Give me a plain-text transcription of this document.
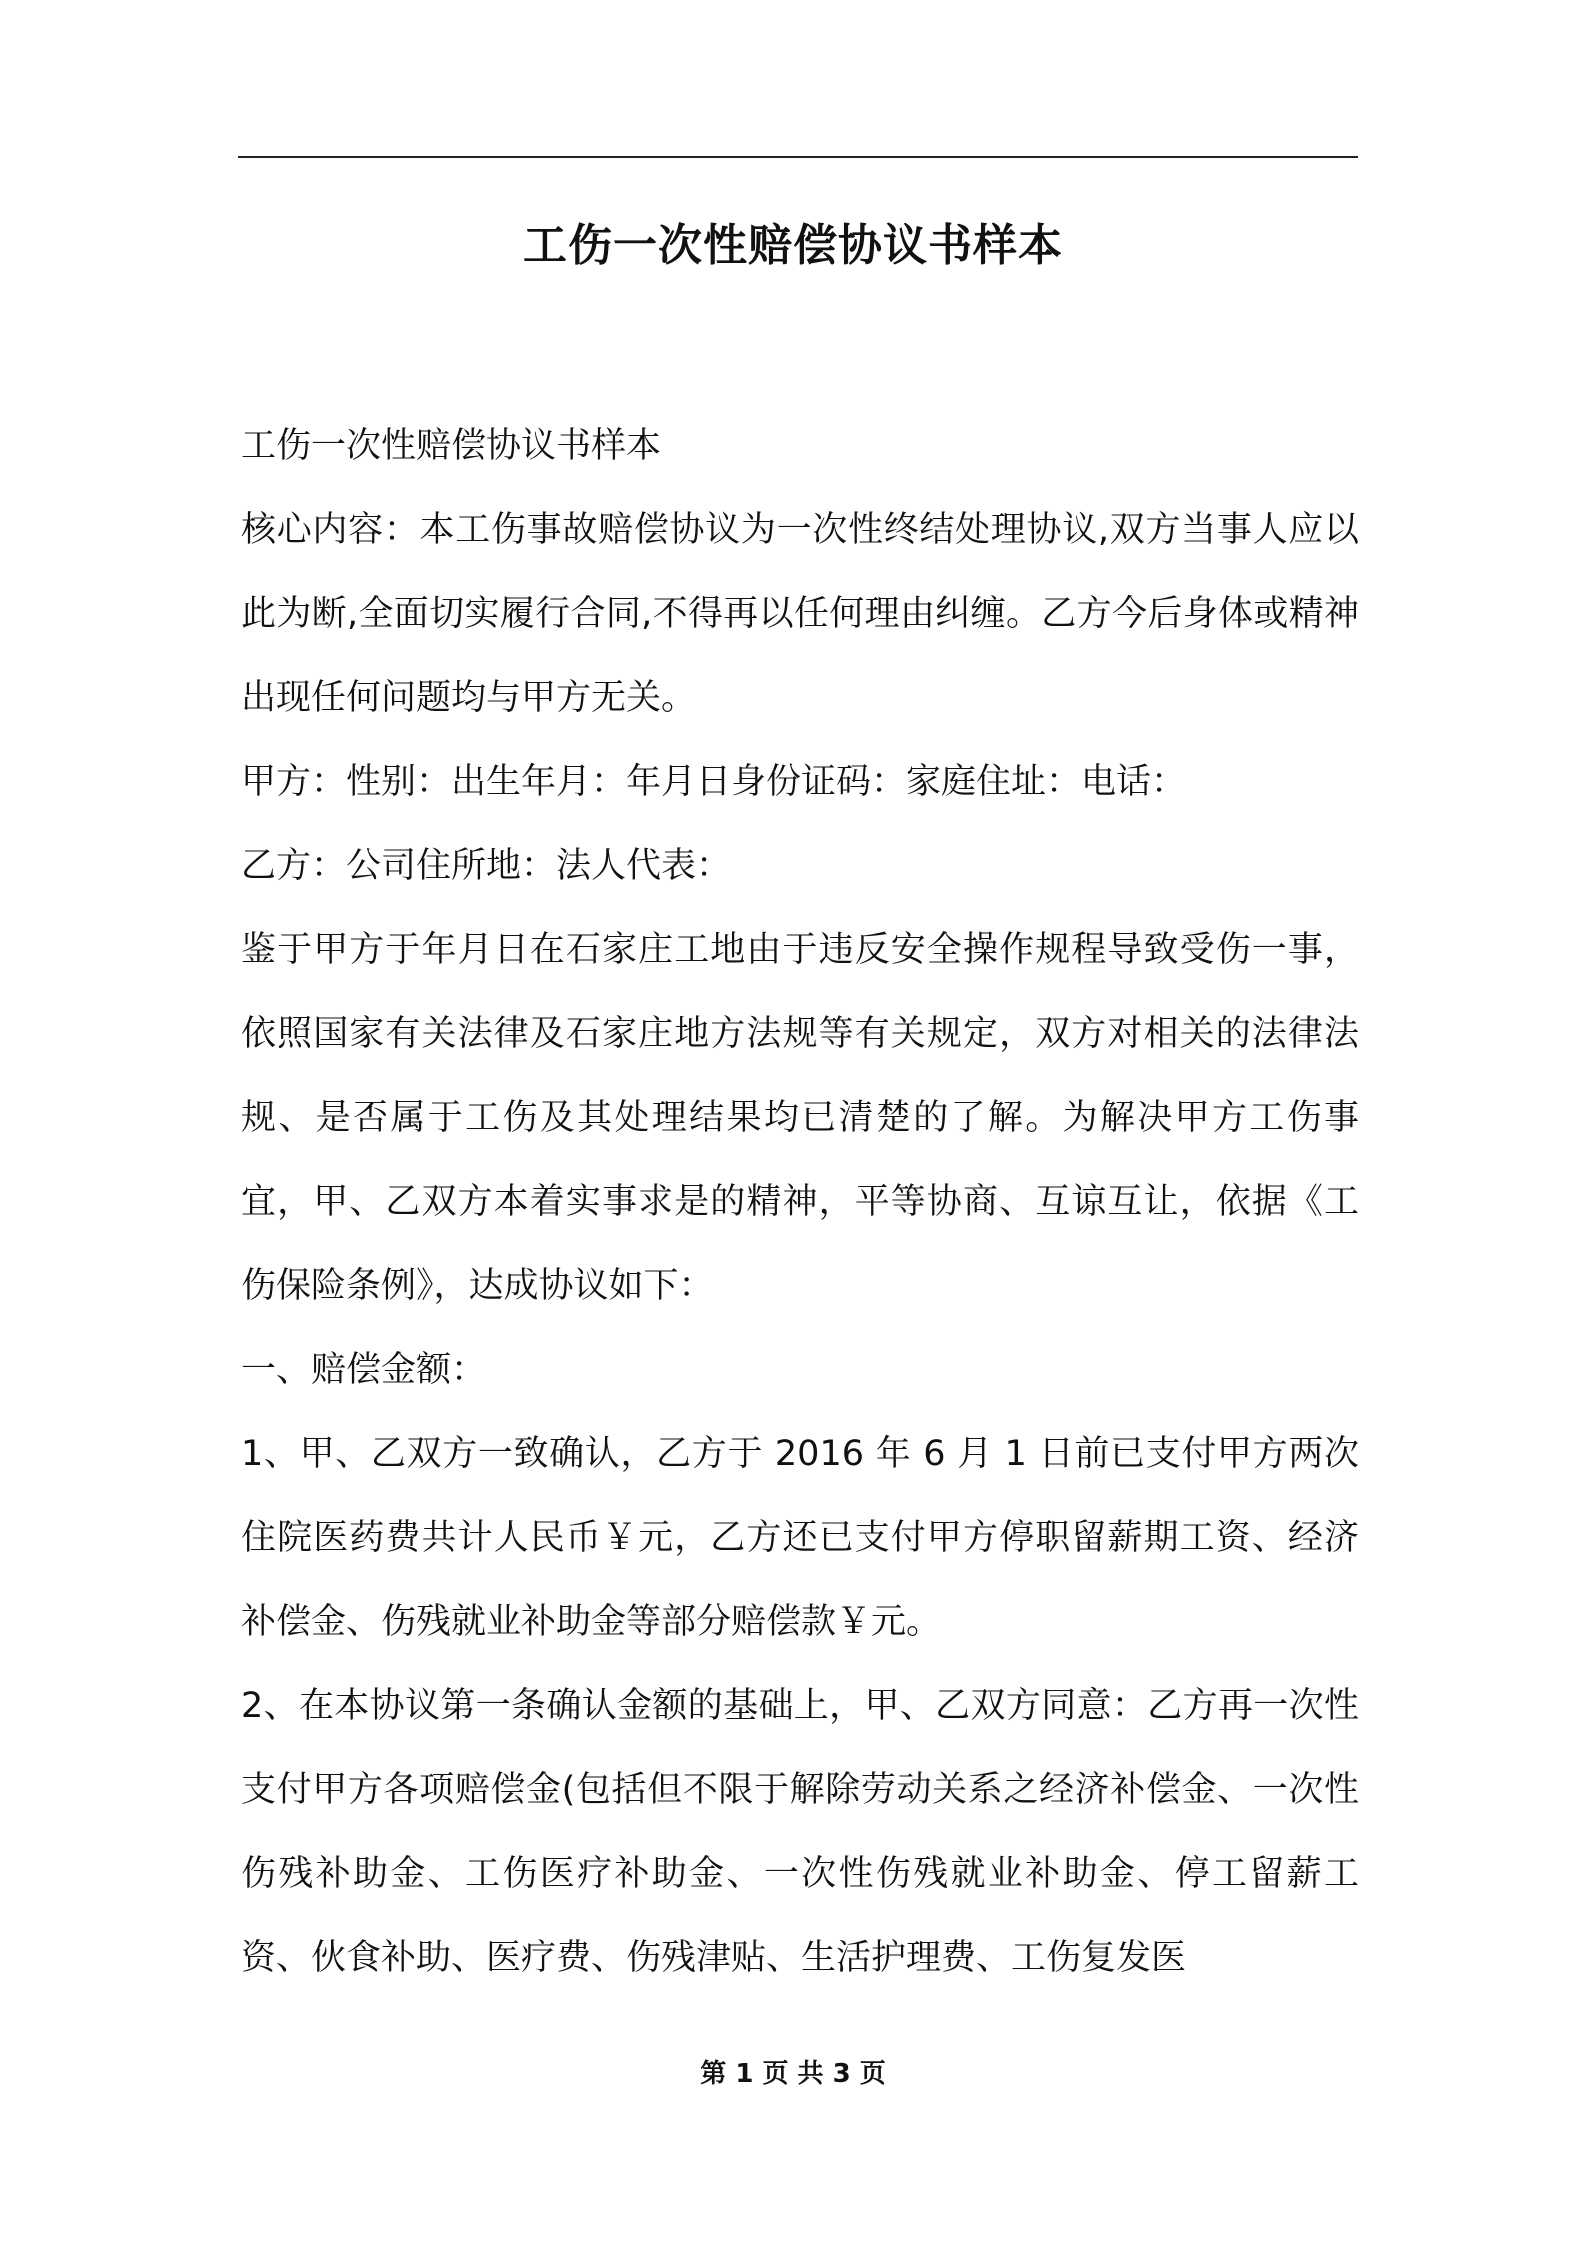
工伤一次性赔偿协议书样本

工伤一次性赔偿协议书样本

核心内容：本工伤事故赔偿协议为一次性终结处理协议,双方当事人应以此为断,全面切实履行合同,不得再以任何理由纠缠。乙方今后身体或精神出现任何问题均与甲方无关。

甲方：性别：出生年月：年月日身份证码：家庭住址：电话：

乙方：公司住所地：法人代表：

鉴于甲方于年月日在石家庄工地由于违反安全操作规程导致受伤一事，依照国家有关法律及石家庄地方法规等有关规定，双方对相关的法律法规、是否属于工伤及其处理结果均已清楚的了解。为解决甲方工伤事宜，甲、乙双方本着实事求是的精神，平等协商、互谅互让，依据《工伤保险条例》，达成协议如下：

一、赔偿金额：

1、甲、乙双方一致确认，乙方于 2016 年 6 月 1 日前已支付甲方两次住院医药费共计人民币￥元，乙方还已支付甲方停职留薪期工资、经济补偿金、伤残就业补助金等部分赔偿款￥元。

2、在本协议第一条确认金额的基础上，甲、乙双方同意：乙方再一次性支付甲方各项赔偿金(包括但不限于解除劳动关系之经济补偿金、一次性伤残补助金、工伤医疗补助金、一次性伤残就业补助金、停工留薪工资、伙食补助、医疗费、伤残津贴、生活护理费、工伤复发医

第 1 页 共 3 页
